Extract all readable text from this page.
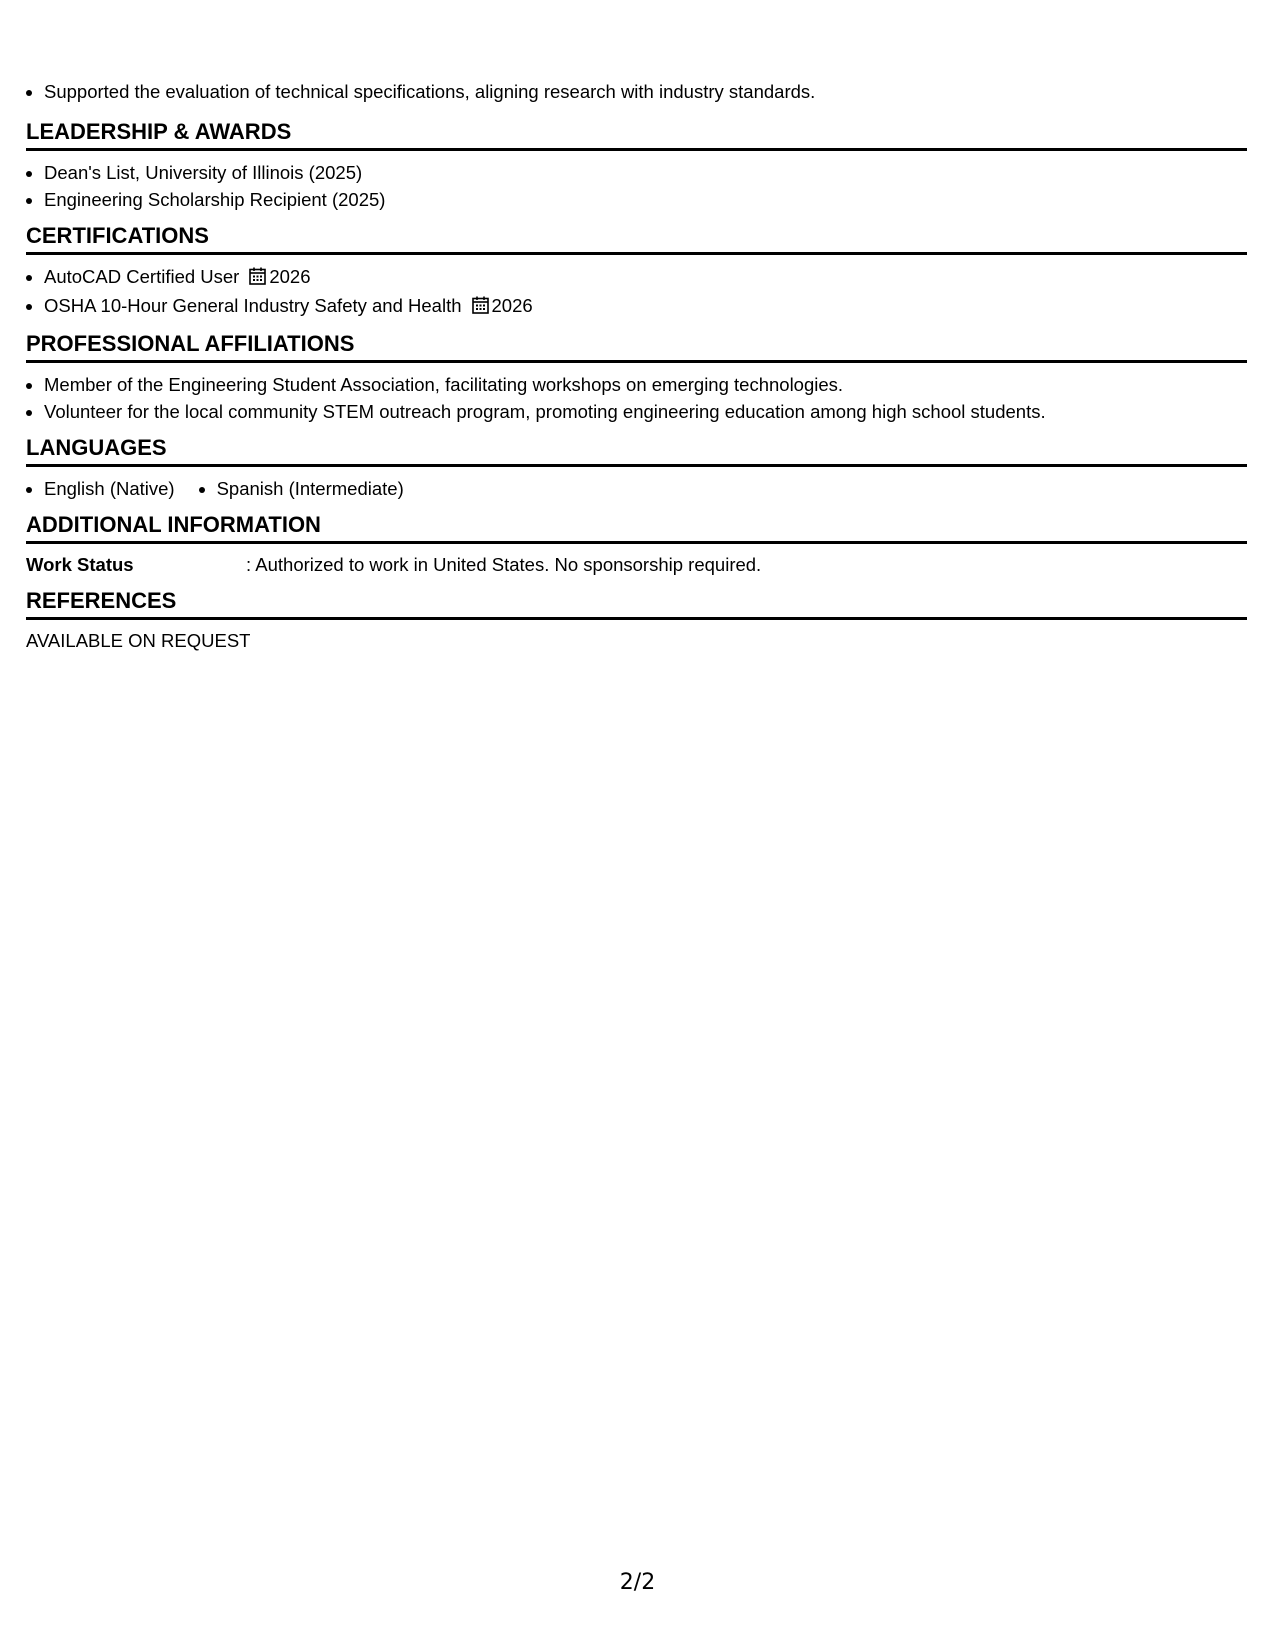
• Supported the evaluation of technical specifications, aligning research with industry standards.
LEADERSHIP & AWARDS
• Dean's List, University of Illinois (2025)
• Engineering Scholarship Recipient (2025)
CERTIFICATIONS
• AutoCAD Certified User 2026
• OSHA 10-Hour General Industry Safety and Health 2026
PROFESSIONAL AFFILIATIONS
• Member of the Engineering Student Association, facilitating workshops on emerging technologies.
• Volunteer for the local community STEM outreach program, promoting engineering education among high school students.
LANGUAGES
• English (Native)
• Spanish (Intermediate)
ADDITIONAL INFORMATION
Work Status	: Authorized to work in United States. No sponsorship required.
REFERENCES

AVAILABLE ON REQUEST

2/2
